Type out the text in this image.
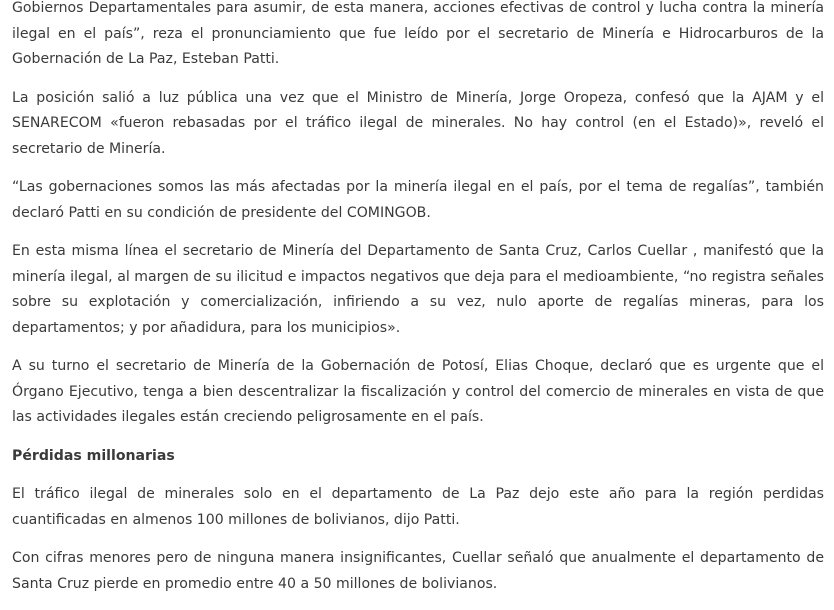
Gobiernos Departamentales para asumir, de esta manera, acciones efectivas de control y lucha contra la minería ilegal en el país”, reza el pronunciamiento que fue leído por el secretario de Minería e Hidrocarburos de la Gobernación de La Paz, Esteban Patti.

La posición salió a luz pública una vez que el Ministro de Minería, Jorge Oropeza, confesó que la AJAM y el SENARECOM «fueron rebasadas por el tráfico ilegal de minerales. No hay control (en el Estado)», reveló el secretario de Minería.

“Las gobernaciones somos las más afectadas por la minería ilegal en el país, por el tema de regalías”, también declaró Patti en su condición de presidente del COMINGOB.

En esta misma línea el secretario de Minería del Departamento de Santa Cruz, Carlos Cuellar , manifestó que la minería ilegal, al margen de su ilicitud e impactos negativos que deja para el medioambiente, “no registra señales sobre su explotación y comercialización, infiriendo a su vez, nulo aporte de regalías mineras, para los departamentos; y por añadidura, para los municipios».

A su turno el secretario de Minería de la Gobernación de Potosí, Elias Choque, declaró que es urgente que el Órgano Ejecutivo, tenga a bien descentralizar la fiscalización y control del comercio de minerales en vista de que las actividades ilegales están creciendo peligrosamente en el país.

Pérdidas millonarias

El tráfico ilegal de minerales solo en el departamento de La Paz dejo este año para la región perdidas cuantificadas en almenos 100 millones de bolivianos, dijo Patti.

Con cifras menores pero de ninguna manera insignificantes, Cuellar señaló que anualmente el departamento de Santa Cruz pierde en promedio entre 40 a 50 millones de bolivianos.
